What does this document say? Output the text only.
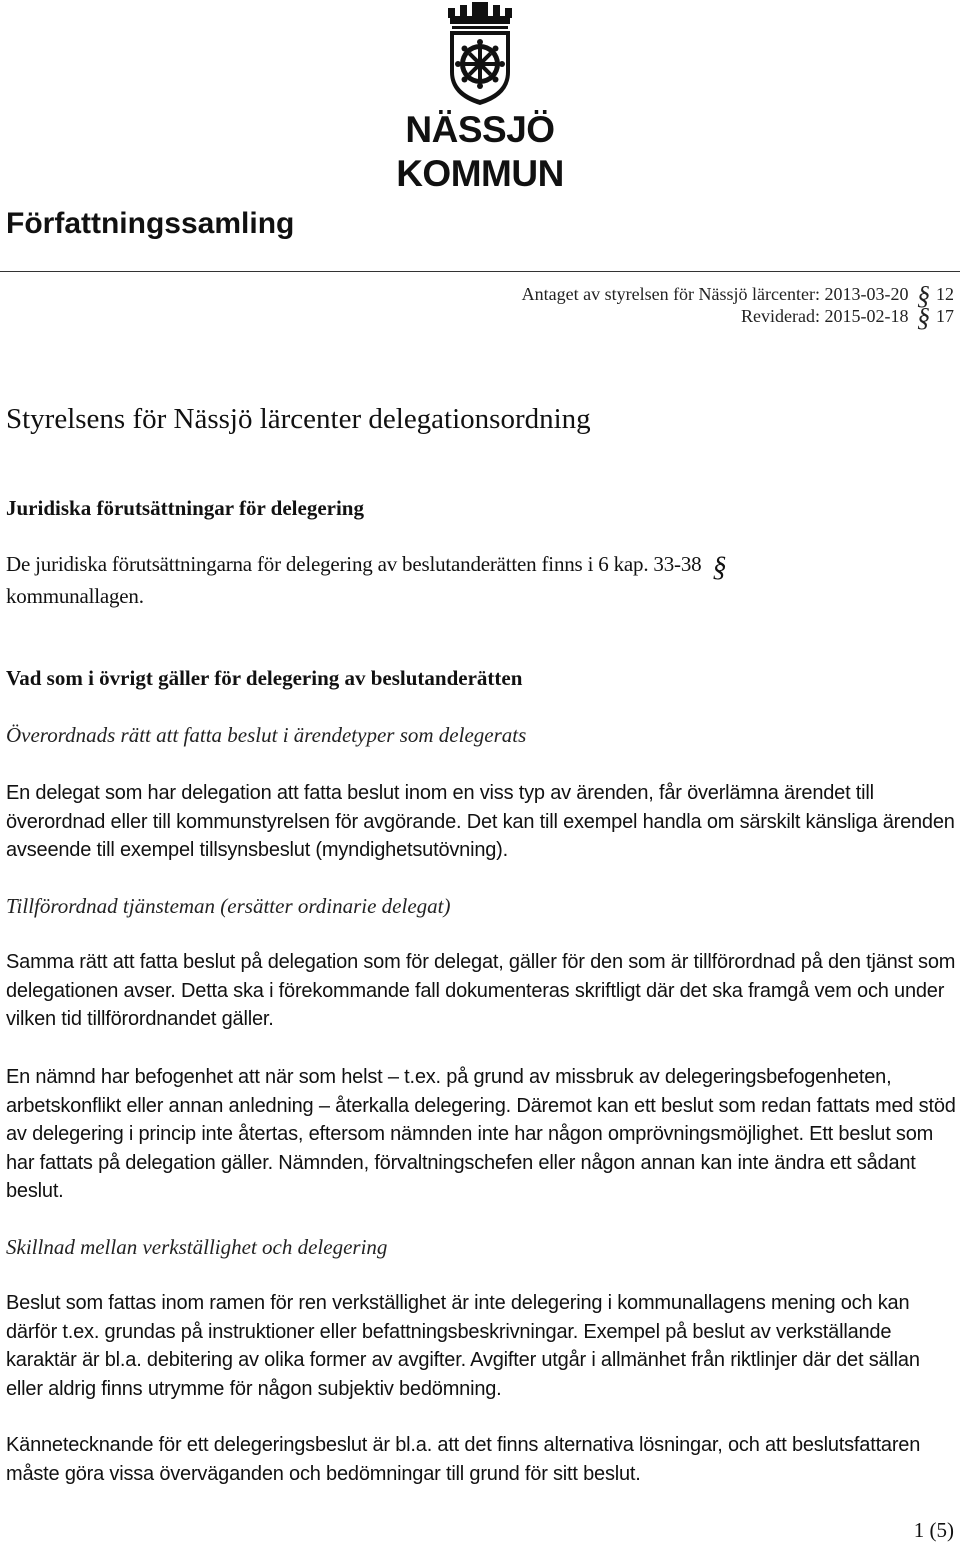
NÄSSJÖ KOMMUN
Författningssamling
Antaget av styrelsen för Nässjö lärcenter: 2013-03-20 § 12
Reviderad: 2015-02-18 § 17
Styrelsens för Nässjö lärcenter delegationsordning
Juridiska förutsättningar för delegering

De juridiska förutsättningarna för delegering av beslutanderätten finns i 6 kap. 33-38 §
kommunallagen.

Vad som i övrigt gäller för delegering av beslutanderätten
Överordnads rätt att fatta beslut i ärendetyper som delegerats

En delegat som har delegation att fatta beslut inom en viss typ av ärenden, får överlämna ärendet till överordnad eller till kommunstyrelsen för avgörande. Det kan till exempel handla om särskilt känsliga ärenden avseende till exempel tillsynsbeslut (myndighetsutövning).

Tillförordnad tjänsteman (ersätter ordinarie delegat)

Samma rätt att fatta beslut på delegation som för delegat, gäller för den som är tillförordnad på den tjänst som delegationen avser. Detta ska i förekommande fall dokumenteras skriftligt där det ska framgå vem och under vilken tid tillförordnandet gäller.

En nämnd har befogenhet att när som helst – t.ex. på grund av missbruk av delegeringsbefogenheten, arbetskonflikt eller annan anledning – återkalla delegering. Däremot kan ett beslut som redan fattats med stöd av delegering i princip inte återtas, eftersom nämnden inte har någon omprövningsmöjlighet. Ett beslut som har fattats på delegation gäller. Nämnden, förvaltningschefen eller någon annan kan inte ändra ett sådant beslut.

Skillnad mellan verkställighet och delegering

Beslut som fattas inom ramen för ren verkställighet är inte delegering i kommunallagens mening och kan därför t.ex. grundas på instruktioner eller befattningsbeskrivningar. Exempel på beslut av verkställande karaktär är bl.a. debitering av olika former av avgifter. Avgifter utgår i allmänhet från riktlinjer där det sällan eller aldrig finns utrymme för någon subjektiv bedömning.

Kännetecknande för ett delegeringsbeslut är bl.a. att det finns alternativa lösningar, och att beslutsfattaren måste göra vissa överväganden och bedömningar till grund för sitt beslut.

1 (5)
